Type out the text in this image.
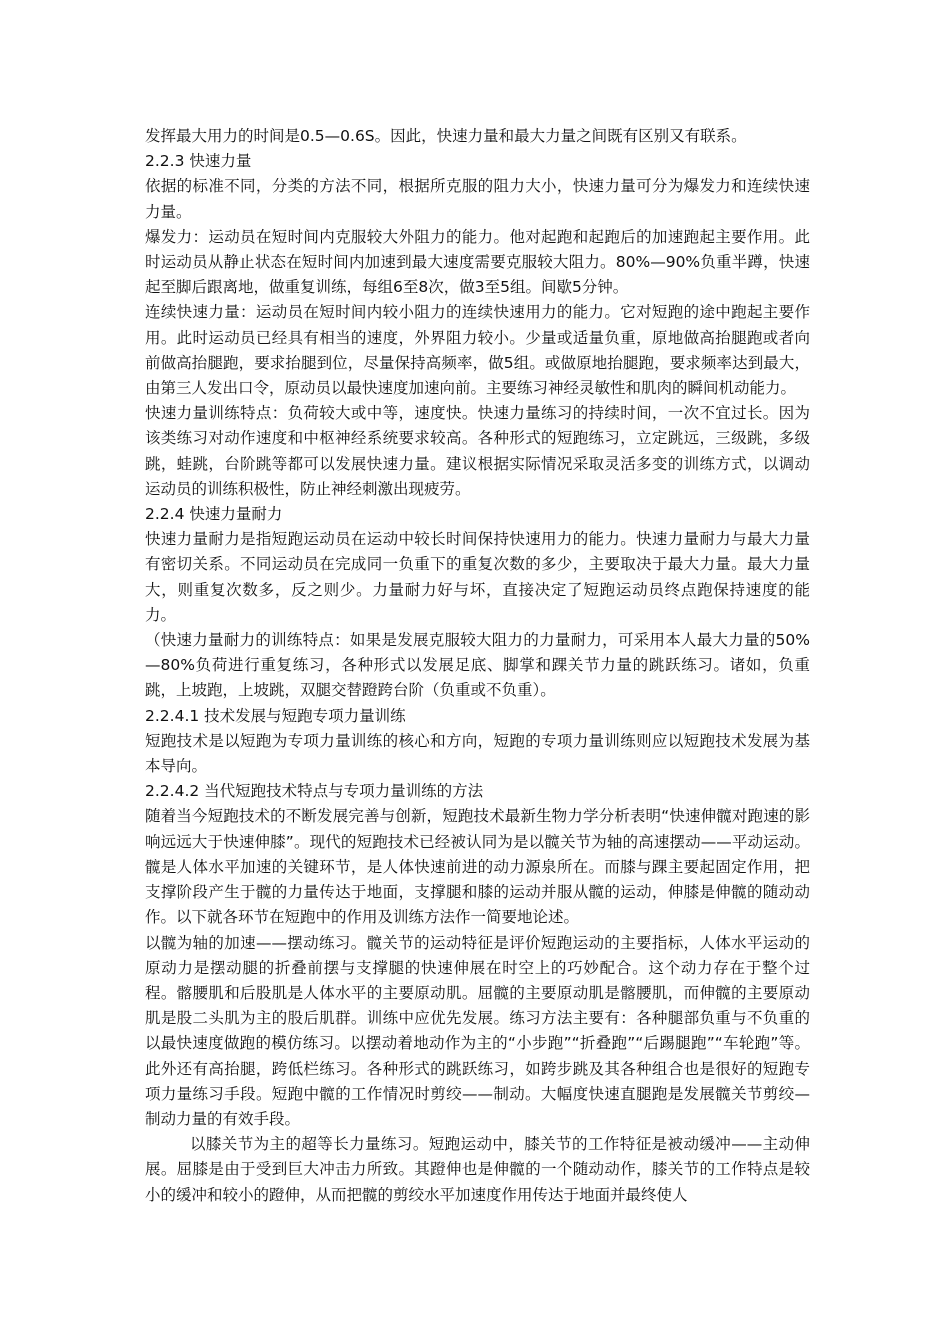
发挥最大用力的时间是0.5—0.6S。因此，快速力量和最大力量之间既有区别又有联系。

2.2.3 快速力量

依据的标准不同，分类的方法不同，根据所克服的阻力大小，快速力量可分为爆发力和连续快速力量。

爆发力：运动员在短时间内克服较大外阻力的能力。他对起跑和起跑后的加速跑起主要作用。此时运动员从静止状态在短时间内加速到最大速度需要克服较大阻力。80%—90%负重半蹲，快速起至脚后跟离地，做重复训练，每组6至8次，做3至5组。间歇5分钟。

连续快速力量：运动员在短时间内较小阻力的连续快速用力的能力。它对短跑的途中跑起主要作用。此时运动员已经具有相当的速度，外界阻力较小。少量或适量负重，原地做高抬腿跑或者向前做高抬腿跑，要求抬腿到位，尽量保持高频率，做5组。或做原地抬腿跑，要求频率达到最大，由第三人发出口令，原动员以最快速度加速向前。主要练习神经灵敏性和肌肉的瞬间机动能力。

快速力量训练特点：负荷较大或中等，速度快。快速力量练习的持续时间，一次不宜过长。因为该类练习对动作速度和中枢神经系统要求较高。各种形式的短跑练习，立定跳远，三级跳，多级跳，蛙跳，台阶跳等都可以发展快速力量。建议根据实际情况采取灵活多变的训练方式，以调动运动员的训练积极性，防止神经刺激出现疲劳。

2.2.4 快速力量耐力

快速力量耐力是指短跑运动员在运动中较长时间保持快速用力的能力。快速力量耐力与最大力量有密切关系。不同运动员在完成同一负重下的重复次数的多少，主要取决于最大力量。最大力量大，则重复次数多，反之则少。力量耐力好与坏，直接决定了短跑运动员终点跑保持速度的能力。

（快速力量耐力的训练特点：如果是发展克服较大阻力的力量耐力，可采用本人最大力量的50%—80%负荷进行重复练习，各种形式以发展足底、脚掌和踝关节力量的跳跃练习。诸如，负重跳，上坡跑，上坡跳，双腿交替蹬跨台阶（负重或不负重）。

2.2.4.1 技术发展与短跑专项力量训练

短跑技术是以短跑为专项力量训练的核心和方向，短跑的专项力量训练则应以短跑技术发展为基本导向。

2.2.4.2 当代短跑技术特点与专项力量训练的方法

随着当今短跑技术的不断发展完善与创新，短跑技术最新生物力学分析表明“快速伸髋对跑速的影响远远大于快速伸膝”。现代的短跑技术已经被认同为是以髋关节为轴的高速摆动——平动运动。髋是人体水平加速的关键环节，是人体快速前进的动力源泉所在。而膝与踝主要起固定作用，把支撑阶段产生于髋的力量传达于地面，支撑腿和膝的运动并服从髋的运动，伸膝是伸髋的随动动作。以下就各环节在短跑中的作用及训练方法作一简要地论述。

以髋为轴的加速——摆动练习。髋关节的运动特征是评价短跑运动的主要指标，人体水平运动的原动力是摆动腿的折叠前摆与支撑腿的快速伸展在时空上的巧妙配合。这个动力存在于整个过程。髂腰肌和后股肌是人体水平的主要原动肌。屈髋的主要原动肌是髂腰肌，而伸髋的主要原动肌是股二头肌为主的股后肌群。训练中应优先发展。练习方法主要有：各种腿部负重与不负重的以最快速度做跑的模仿练习。以摆动着地动作为主的“小步跑”“折叠跑”“后踢腿跑”“车轮跑”等。此外还有高抬腿，跨低栏练习。各种形式的跳跃练习，如跨步跳及其各种组合也是很好的短跑专项力量练习手段。短跑中髋的工作情况时剪绞——制动。大幅度快速直腿跑是发展髋关节剪绞—制动力量的有效手段。

以膝关节为主的超等长力量练习。短跑运动中，膝关节的工作特征是被动缓冲——主动伸展。屈膝是由于受到巨大冲击力所致。其蹬伸也是伸髋的一个随动动作，膝关节的工作特点是较小的缓冲和较小的蹬伸，从而把髋的剪绞水平加速度作用传达于地面并最终使人
